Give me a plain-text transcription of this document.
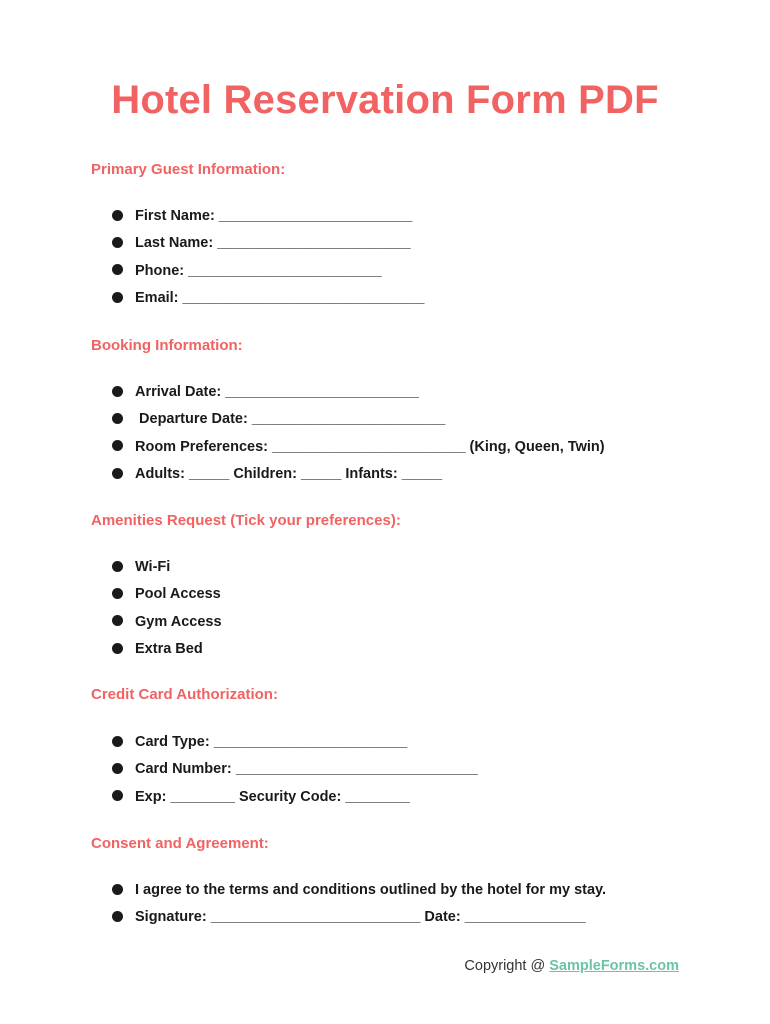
Hotel Reservation Form PDF
Primary Guest Information:
First Name: ________________________
Last Name: ________________________
Phone: ________________________
Email: ______________________________
Booking Information:
Arrival Date: ________________________
Departure Date: ________________________
Room Preferences: ________________________ (King, Queen, Twin)
Adults: _____ Children: _____ Infants: _____
Amenities Request (Tick your preferences):
Wi-Fi
Pool Access
Gym Access
Extra Bed
Credit Card Authorization:
Card Type: ________________________
Card Number: ______________________________
Exp: ________ Security Code: ________
Consent and Agreement:
I agree to the terms and conditions outlined by the hotel for my stay.
Signature: __________________________ Date: _______________
Copyright @ SampleForms.com
